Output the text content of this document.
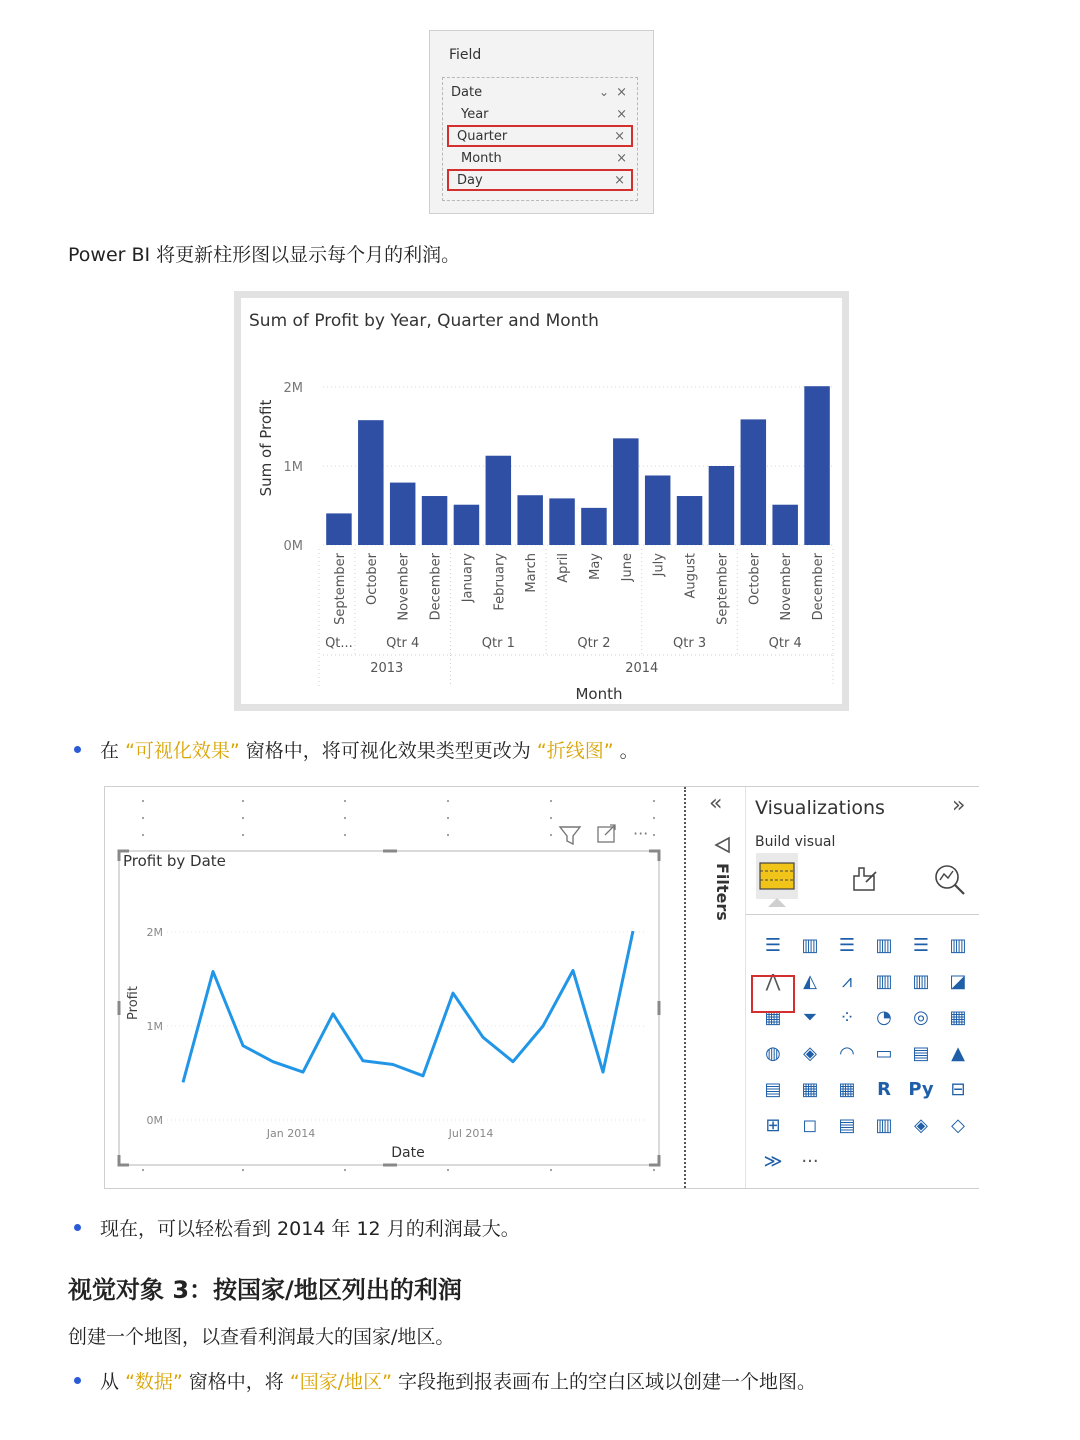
Field
Date	⌄ ×
Year	×
Quarter	×
Month	×
Day	×
Power BI 将更新柱形图以显示每个月的利润。
Sum of Profit by Year, Quarter and Month
Sum of Profit
Month
0M
1M
2M
September October November December January February March April May June July August September October November December
Qt...	Qtr 4	Qtr 1	Qtr 2	Qtr 3	Qtr 4
2013	2014
在 “可视化效果” 窗格中，将可视化效果类型更改为 “折线图” 。
···
Profit by Date
Profit
Date
0M
1M
2M
Jan 2014	Jul 2014
«
Filters
Visualizations	»
Build visual
☰	▥	☰	▥	☰	▥
⋀	◭	⩘	▥	▥	◪
▦	⏷	⁘	◔	◎	▦
◍	◈	◠	▭	▤	▲
▤	▦	▦	R Py ⊟
⊞	◻	▤	▥	◈	◇
≫	···
现在，可以轻松看到 2014 年 12 月的利润最大。
视觉对象 3：按国家/地区列出的利润
创建一个地图，以查看利润最大的国家/地区。
从 “数据” 窗格中，将 “国家/地区” 字段拖到报表画布上的空白区域以创建一个地图。
